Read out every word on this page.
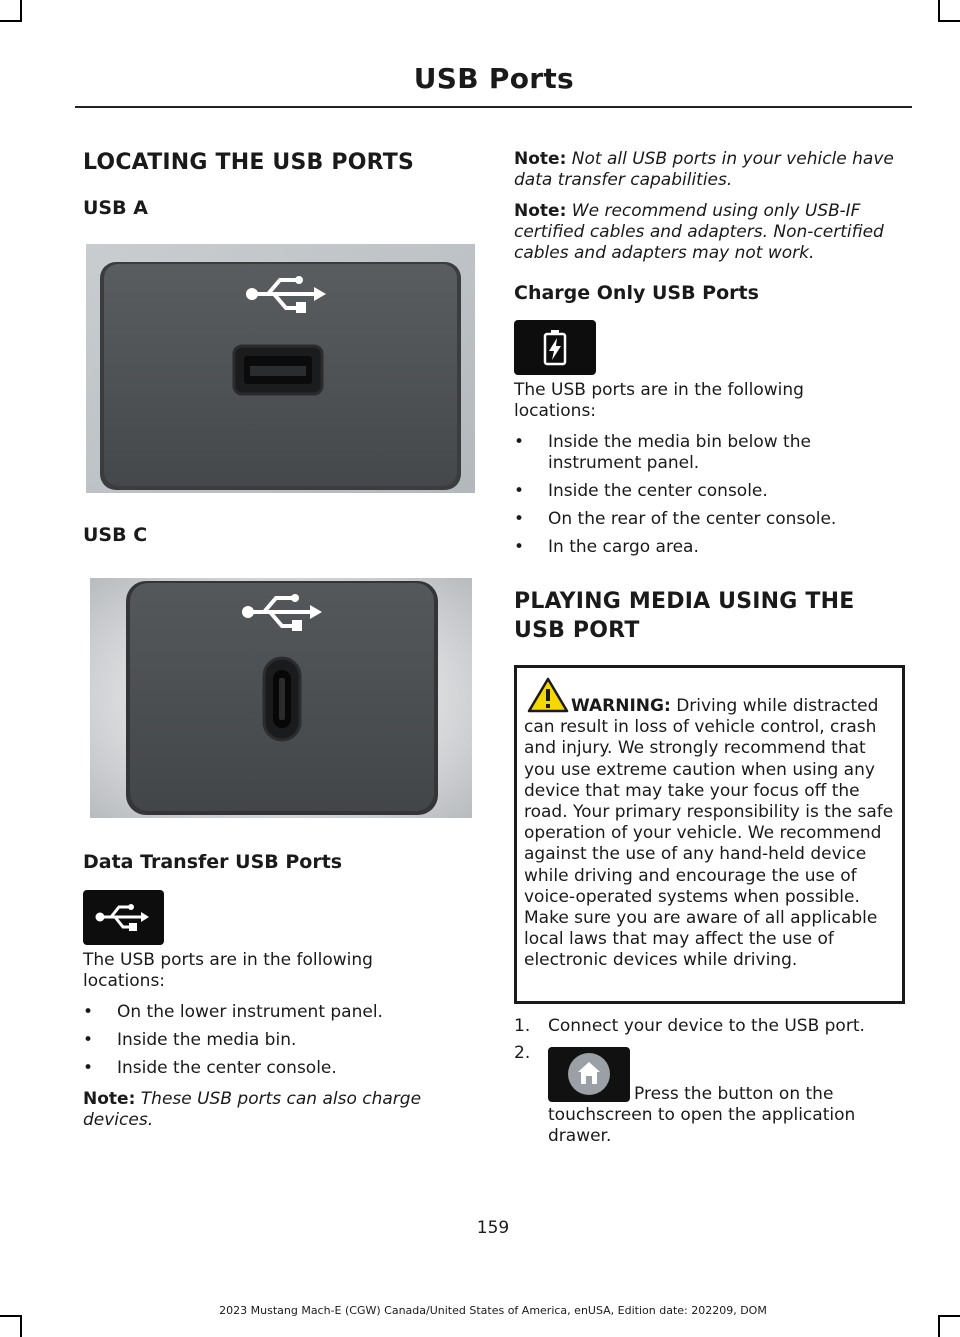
USB Ports
LOCATING THE USB PORTS
USB A
USB C
Data Transfer USB Ports

The USB ports are in the following locations:

• On the lower instrument panel.
• Inside the media bin.
• Inside the center console.

Note: These USB ports can also charge devices.

Note: Not all USB ports in your vehicle have data transfer capabilities.

Note: We recommend using only USB-IF certified cables and adapters. Non-certified cables and adapters may not work.

Charge Only USB Ports

The USB ports are in the following locations:

• Inside the media bin below the instrument panel.
• Inside the center console.
• On the rear of the center console.
• In the cargo area.
PLAYING MEDIA USING THE
USB PORT
WARNING: Driving while distracted can result in loss of vehicle control, crash and injury. We strongly recommend that you use extreme caution when using any device that may take your focus off the road. Your primary responsibility is the safe operation of your vehicle. We recommend against the use of any hand-held device while driving and encourage the use of voice-operated systems when possible. Make sure you are aware of all applicable local laws that may affect the use of electronic devices while driving.
1. Connect your device to the USB port.
2.

Press the button on the touchscreen to open the application drawer.

159
2023 Mustang Mach-E (CGW) Canada/United States of America, enUSA, Edition date: 202209, DOM
